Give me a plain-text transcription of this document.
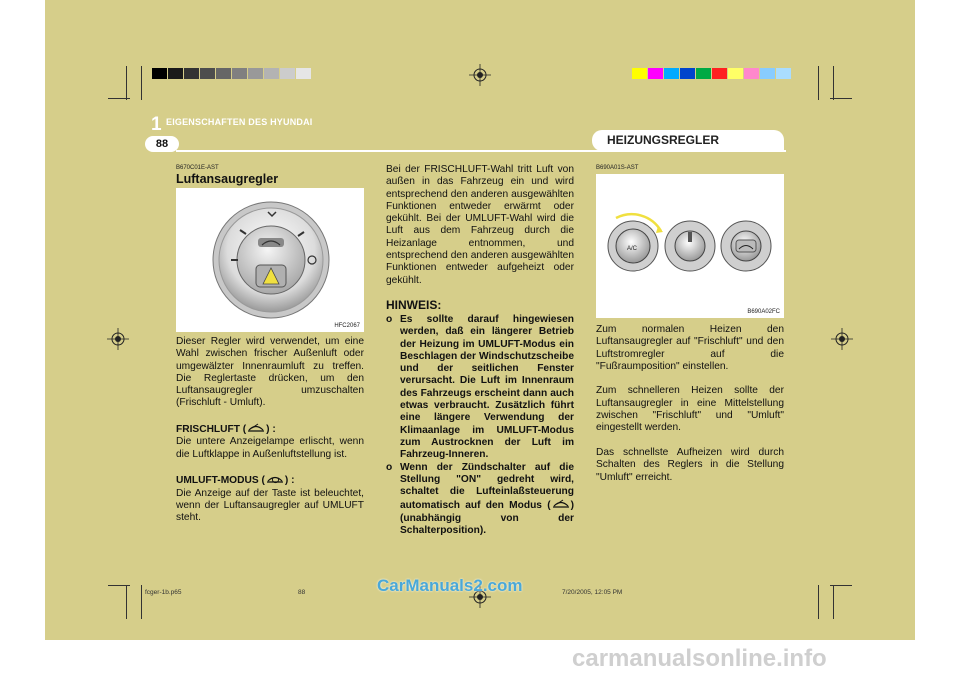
1 EIGENSCHAFTEN DES HYUNDAI
88	HEIZUNGSREGLER
B670C01E-AST
Luftansaugregler
HFC2067

Dieser Regler wird verwendet, um eine Wahl zwischen frischer Außenluft oder umgewälzter Innenraumluft zu treffen. Die Reglertaste drücken, um den Luftansaugregler umzuschalten (Frischluft - Umluft).

FRISCHLUFT ( ) :

Die untere Anzeigelampe erlischt, wenn die Luftklappe in Außenluftstellung ist.

UMLUFT-MODUS ( ) :

Die Anzeige auf der Taste ist beleuchtet, wenn der Luftansaugregler auf UMLUFT steht.

Bei der FRISCHLUFT-Wahl tritt Luft von außen in das Fahrzeug ein und wird entsprechend den anderen ausgewählten Funktionen entweder erwärmt oder gekühlt. Bei der UMLUFT-Wahl wird die Luft aus dem Fahrzeug durch die Heizanlage entnommen, und entsprechend den anderen ausgewählten Funktionen entweder aufgeheizt oder gekühlt.
HINWEIS:
o Es sollte darauf hingewiesen werden, daß ein längerer Betrieb der Heizung im UMLUFT-Modus ein Beschlagen der Windschutzscheibe und der seitlichen Fenster verursacht. Die Luft im Innenraum des Fahrzeugs erscheint dann auch etwas verbraucht. Zusätzlich führt eine längere Verwendung der Klimaanlage im UMLUFT-Modus zum Austrocknen der Luft im Fahrzeug-Inneren.
o Wenn der Zündschalter auf die Stellung "ON" gedreht wird, schaltet die Lufteinlaßsteuerung automatisch auf den Modus ( ) (unabhängig von der Schalterposition).
B690A01S-AST
A/C
B690A02FC

Zum normalen Heizen den Luftansaugregler auf "Frischluft" und den Luftstromregler auf die "Fußraumposition" einstellen.

Zum schnelleren Heizen sollte der Luftansaugregler in eine Mittelstellung zwischen "Frischluft" und "Umluft" eingestellt werden.

Das schnellste Aufheizen wird durch Schalten des Reglers in die Stellung "Umluft" erreicht.

fcger-1b.p65	88	7/20/2005, 12:05 PM
CarManuals2.com
carmanualsonline.info
